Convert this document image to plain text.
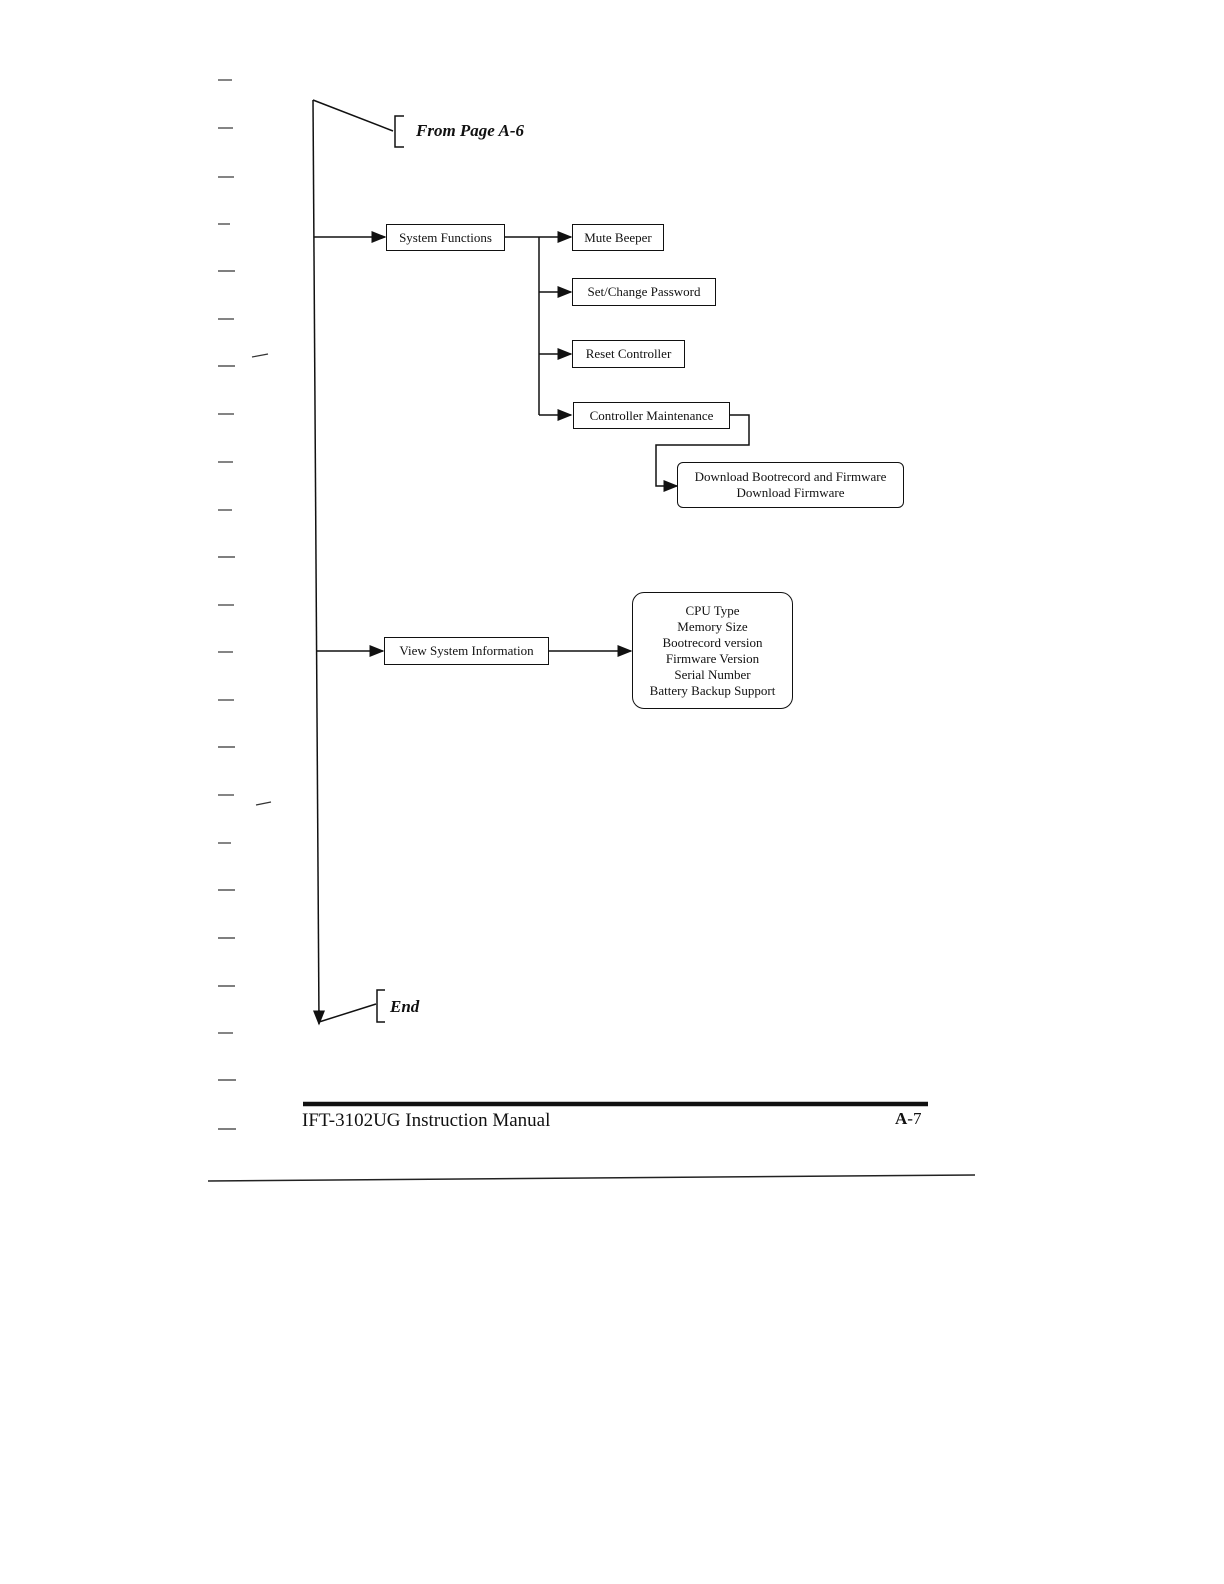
From Page A-6
End
System Functions	Mute Beeper
Set/Change Password
Reset Controller
Controller Maintenance
Download Bootrecord and Firmware
Download Firmware
View System Information
CPU Type
Memory Size
Bootrecord version
Firmware Version
Serial Number
Battery Backup Support
IFT-3102UG Instruction Manual	A-7
